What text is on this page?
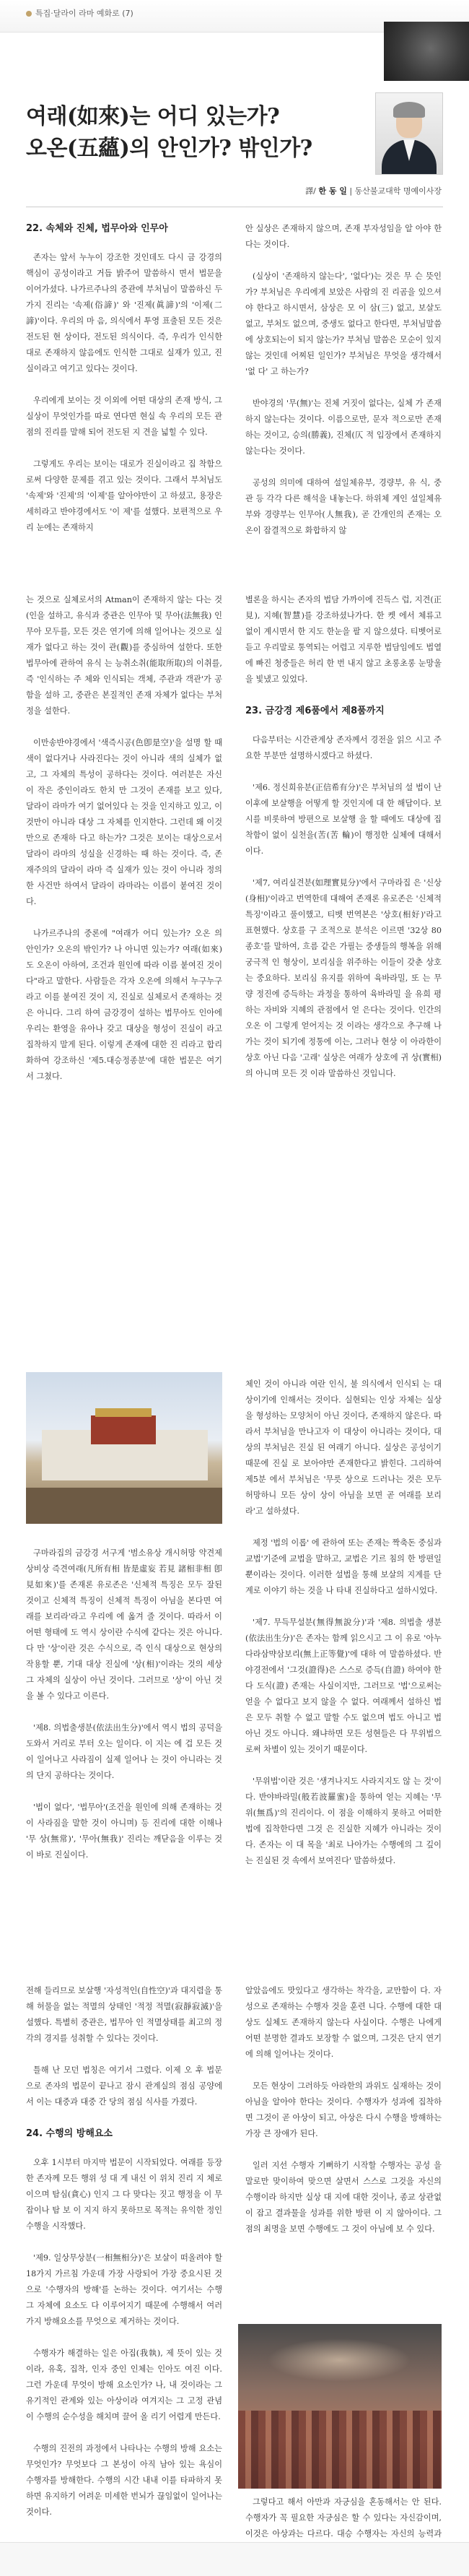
특집·달라이 라마 예화로 (7)
여래(如來)는 어디 있는가?
오온(五蘊)의 안인가? 밖인가?
譯/ 한 동 일 | 동산불교대학 명예이사장
22. 속체와 진체, 법무아와 인무아

존자는 앞서 누누이 강조한 것인데도 다시 금 강경의 핵심이 공성이라고 거듭 밝주어 말씀하시 면서 법문을 이어가셨다. 나가르주나의 중관에 부처님이 말씀하신 두 가지 진리는 '속제(俗諦)' 와 '진제(眞諦)'의 '이제(二諦)'이다. 우리의 마 음, 의식에서 투영 표출된 모든 것은 전도된 현 상이다, 전도된 의식이다. 즉, 우리가 인식한 대로 존재하지 않음에도 인식한 그대로 실재가 있고, 진실이라고 여기고 있다는 것이다.

우리에게 보이는 것 이외에 어떤 대상의 존재 방식, 그 실상이 무엇인가를 따로 연다면 현실 속 우리의 모든 관점의 진리를 말해 되어 전도된 지 견을 넓힐 수 있다.

그렇게도 우리는 보이는 대로가 진실이라고 집 착함으로써 다양한 문제를 겪고 있는 것이다. 그래서 부처님도 '속제'와 '진제'의 '이제'를 알아야만이 고 하셨고, 용장은 세히라고 반야경에서도 '이 제'를 설했다. 보편적으로 우리 눈에는 존재하지

안 실상은 존재하지 않으며, 존재 부자성임을 알 아야 한다는 것이다.

(실상이 '존재하지 않는다', '없다')는 것은 무 슨 뜻인가? 부처님은 우리에게 보았은 사람의 진 리곰을 있으셔야 한다고 하시면서, 삼상은 모 이 삼(三) 없고, 보살도 없고, 부처도 없으며, 중생도 없다고 한다면, 부처님말씀에 상호되는이 되지 않는가? 부처님 말씀은 모순이 있지 않는 것인데 어찌된 일인가? 부처님은 무엇을 생각해서 '없 다' 고 하는가?

반야경의 '무(無)'는 진체 거짓이 없다는, 실체 가 존재하지 않는다는 것이다. 이름으로만, 문자 적으로만 존재하는 것이고, 승의(勝義), 진체(仄 적 입장에서 존재하지 않는다는 것이다.

공성의 의미에 대하여 설일체유부, 경량부, 유 식, 중관 등 각각 다른 해석을 내놓는다. 하위체 계인 설일체유부와 경량부는 인무아(人無我), 곧 간개인의 존재는 오온이 잡결적으로 화합하지 않

는 것으로 실체로서의 Atman이 존재하지 않는 다는 것(인을 설하고, 유식과 중관은 인무아 및 무아(法無我) 인무아 모두를, 모든 것은 연기에 의해 일어나는 것으로 실재가 없다고 하는 것이 관(觀)를 중심하여 설한다. 또한 법무아에 관하여 유식 는 능취소취(能取所取)의 이취를, 즉 '인식하는 주 체와 인식되는 객체, 주관과 객관'가 공함을 설하 고, 중관은 본질적인 존재 자체가 없다는 부처정을 설한다.

이만송반야경에서 '색즉시공(色卽是空)'을 설명 할 때 색이 없다거나 사라진다는 것이 아니라 색의 실체가 없고, 그 자체의 특성이 공하다는 것이다. 여러분은 자신 이 작은 중인이라도 한치 만 그것이 존재를 보고 있다, 달라이 라마가 여기 없어있다 는 것을 인지하고 있고, 이것만이 아니라 대상 그 자체를 인지한다. 그런데 왜 이것만으로 존재하 다고 하는가? 그것은 보이는 대상으로서 달라이 라마의 성실을 신경하는 때 하는 것이다. 즉, 존재주의의 달라이 라마 즉 실재가 있는 것이 아니라 정의한 사건만 하여서 달라이 라마라는 이름이 붙여진 것이다.

나가르주나의 중론에 "여래가 어디 있는가? 오온 의 안인가? 오온의 밖인가? 나 아니면 있는가? 여래(如來)도 오온이 아하여, 조건과 원인에 따라 이름 붙여진 것이다"라고 말한다. 사람들은 각자 오온에 의해서 누구누구라고 이를 붙여진 것이 지, 진실로 실체로서 존재하는 것은 아니다. 그리 하여 금강경이 설하는 법무아도 인아에 우리는 환영을 유아나 갖고 대상을 형성이 진실이 라고 집착하지 말게 된다. 이렇게 존재에 대한 진 리라고 합리화하여 강조하신 '제5.대승정종분'에 대한 법문은 여기서 그쳤다.

별론을 하시는 존자의 법담 가까이에 진득스 럽, 지견(正見), 지혜(智慧)를 강조하셨나가다. 한 켓 에서 체류고 없이 계시면서 한 지도 한눈을 팔 지 않으셨다. 티벳어로 듣고 우리말로 통역되는 어렵고 지루한 법담임에도 법열에 빠진 청중들은 허리 한 번 내지 않고 초롱초롱 눈망울을 빛냈고 있었다.

23. 금강경 제6품에서 제8품까지

다음부터는 시간관계상 존자께서 경전을 읽으 시고 주요한 부분만 설명하시겠다고 하셨다.

'제6. 정신희유분(正信希有分)'은 부처님의 설 법이 난 이후에 보살행을 어떻게 할 것인지에 대 한 해답이다. 보시를 비롯하여 방편으로 보살행 을 할 때에도 대상에 집착함이 없이 실천을(苦(苦 輪)이 행정한 실체에 대해서이다.

'제7, 여리실견분(如理實見分)'에서 구마라집 은 '신상(身相)'이라고 번역한데 대해여 존재론 유로존은 '신체적 특징'이라고 풀이했고, 티벳 번역본은 '상호(相好)'라고 표현했다. 상호를 구 조적으로 분석은 이르면 '32상 80종호'를 말하여, 흐름 같은 가필는 중생들의 행복을 위해 궁극적 인 형상이, 보리심을 위주하는 이들이 갖춘 상호 는 중요하다. 보리심 유지를 위하여 육바라밀, 또 는 무량 정진에 증득하는 과정을 통하여 육바라밀 을 유희 평하는 자비와 지혜의 관점에서 얻 은다는 것이다. 인간의 오온 이 그렇게 얻어지는 것 이라는 생각으로 추구해 나가는 것이 되기에 정통에 이는, 그러나 현상 이 아라한이 상호 아닌 다음 '고래' 실상은 여래가 상호에 귀 상(實相)의 아니며 모든 것 이라 말씀하신 것입니다.

구마라집의 금강경 서구게 '범소유상 개시허망 약견제상비상 즉견여래(凡所有相 皆是虛妄 若見 諸相非相 卽見如來)'를 존재론 유로존은 '신체적 특징은 모두 잘된 것이고 신체적 특징이 신체적 특징이 아님을 본다면 여래를 보리라'라고 우리에 에 옮겨 줄 것이다. 따라서 이 어떤 형태에 도 역시 상이란 수식에 같다는 것은 아니다. 다 만 '상'이란 것은 수식으로, 즉 인식 대상으로 현상의 작용할 뿐, 기대 대상 진실에 '상(相)'이라는 것의 세상 그 자체의 실상이 아닌 것이다. 그러므로 '상'이 아닌 것을 볼 수 있다고 이른다.

'제8. 의법출생분(依法出生分)'에서 역시 법의 공덕을 도와서 거리로 부터 오는 일이다. 이 지는 에 겁 모든 것이 일어나고 사라짐이 실제 일어나 는 것이 아니라는 것의 단지 공하다는 것이다.

'법이 없다', '법무아'(조건을 원인에 의해 존재하는 것이 사라짐을 말한 것이 아니며) 등 진리에 대한 이해나 '무 상(無常)', '무아(無我)' 진리는 깨닫음을 이루는 것이 바로 진실이다.

체인 것이 아니라 여란 인식, 불 의식에서 인식되 는 대상이기에 인해서는 것이다. 실현되는 인상 자체는 실상을 형성하는 모양처이 아닌 것이다, 존재하지 않은다. 따라서 부처님을 만나고자 이 대상이 아니라는 것이다, 대상의 부처님은 진실 된 여래기 아니다. 실상은 공성이기 때문에 진실 로 보아야만 존재한다고 밝힌다. 그리하여 제5분 에서 부처님은 '무릇 상으로 드러나는 것은 모두 허망하니 모든 상이 상이 아님을 보면 곧 여래를 보리라'고 설하셨다.

제정 '법의 이롭' 에 관하여 또는 존재는 짝축돈 중심과 교법'기준에 교법을 말하고, 교법은 기르 침의 한 방편일 뿐이라는 것이다. 이러한 설법을 통해 보살의 지계를 단계로 이야기 하는 것을 나 타내 진실하다고 설하시었다.

'제7. 무득무설분(無得無說分)'과 '제8. 의법출 생분(依法出生分)'은 존자는 함께 읽으시고 그 이 유로 '아누다라삼먁삼보리(無上正等覺)'에 대하 여 말씀하셨다. 반야경전에서 '그것(證得)은 스스로 증득(自證) 하여야 한다 도식(證) 존재는 사실이지만, 그러므로 '법'으로써는 얻을 수 없다고 보지 않을 수 없다. 여래께서 설하신 법은 모두 취할 수 없고 말할 수도 없으며 법도 아니고 법 아닌 것도 아니다. 왜냐하면 모든 성현들은 다 무위법으로써 차별이 있는 것이기 때문이다.

'무위법'이란 것은 '생겨나지도 사라지지도 않 는 것'이다. 반야바라밀(般若波羅蜜)을 통하여 얻는 지혜는 '무위(無爲)'의 진리이다. 이 점을 이해하지 못하고 어떠한 법에 집착한다면 그것 은 진실한 지혜가 아니라는 것이다. 존자는 이 대 목을 '최로 나아가는 수행에의 그 깊이는 진실된 것 속에서 보여진다' 말씀하셨다.

전해 들리므로 보살행 '자성적인(自性空)'과 대지렴을 통해 허물을 없는 적멸의 상태인 '적정 적멸(寂靜寂滅)'을 설했다. 특별히 중관은, 법무아 인 적멸상태를 최고의 정각의 경지를 성취할 수 있다는 것이다.

틀해 난 모던 법칭은 여기서 그렸다. 이제 오 후 법문으로 존자의 법문이 끝나고 잠시 관계실의 점심 공양에서 이는 대중과 대중 간 당의 점심 식사를 가졌다.

24. 수행의 방해요소

오후 1시부터 마지막 법문이 시작되었다. 여래를 등장한 존자께 모든 행위 성 대 게 내신 이 위치 진리 지 체로 이으며 탐심(貪心) 인지 그 다 맞다는 짓고 행정을 이 무 잡이나 탐 보 이 지지 하지 못하므로 목적는 유익한 정인 수행을 시작했다.

'제9. 일상무상분(一相無相分)'은 보살이 떠올려야 할 18가지 가르침 가운데 가장 사랑되어 가장 중요시된 것으로 '수행자의 방해'를 논하는 것이다. 여기서는 수행 그 자체에 요소도 다 이루어지기 때문에 수행해서 여러 가지 방해요소를 무엇으로 제거하는 것이다.

수행자가 해결하는 일은 아집(我執), 제 뜻이 있는 것이라, 유혹, 집착, 인자 중인 인체는 인아도 여진 이다. 그런 가운데 무엇이 방해 요소인가? 나, 내 것이라는 그 유기적인 관계와 있는 아상이라 여겨지는 그 고정 관념이 수행의 순수성을 해치며 끌어 올 리기 어렵게 만든다.

수행의 진전의 과정에서 나타나는 수행의 방해 요소는 무엇인가? 무엇보다 그 본성이 아직 남아 있는 욕심이 수행자를 방해한다. 수행의 시간 내내 이를 타파하지 못하면 유지하기 어려운 미세한 번뇌가 끊임없이 일어나는 것이다.

알았음에도 맛있다고 생각하는 착각을, 교만함이 다. 자성으로 존재하는 수행자 것을 훈련 니다. 수행에 대한 대상도 실체도 존재하지 않는다 사실이다. 수행은 나에게 어떤 분명한 결과도 보장할 수 없으며, 그것은 단지 연기에 의해 일어나는 것이다.

모든 현상이 그러하듯 아라한의 과위도 실재하는 것이 아님을 알아야 한다는 것이다. 수행자가 성과에 집착하면 그것이 곧 아상이 되고, 아상은 다시 수행을 방해하는 가장 큰 장애가 된다.

일러 지선 수행자 기뻐하기 시작할 수행자는 공성 을 말로만 맞이하여 맞으면 살면서 스스로 그것을 자신의 수행이라 하지만 실상 대 지에 대한 것이나, 종교 상관없이 잡고 결과물을 성과를 위한 방편 이 지 않아이다. 그 점의 최명을 보면 수행에도 그 것이 아님에 보 수 있다.

그렇다고 해서 아만과 자긍심을 혼동해서는 안 된다. 수행자가 꼭 필요한 자긍심은 할 수 있다는 자신감이며, 이것은 아상과는 다르다. 대승 수행자는 자신의 능력과
